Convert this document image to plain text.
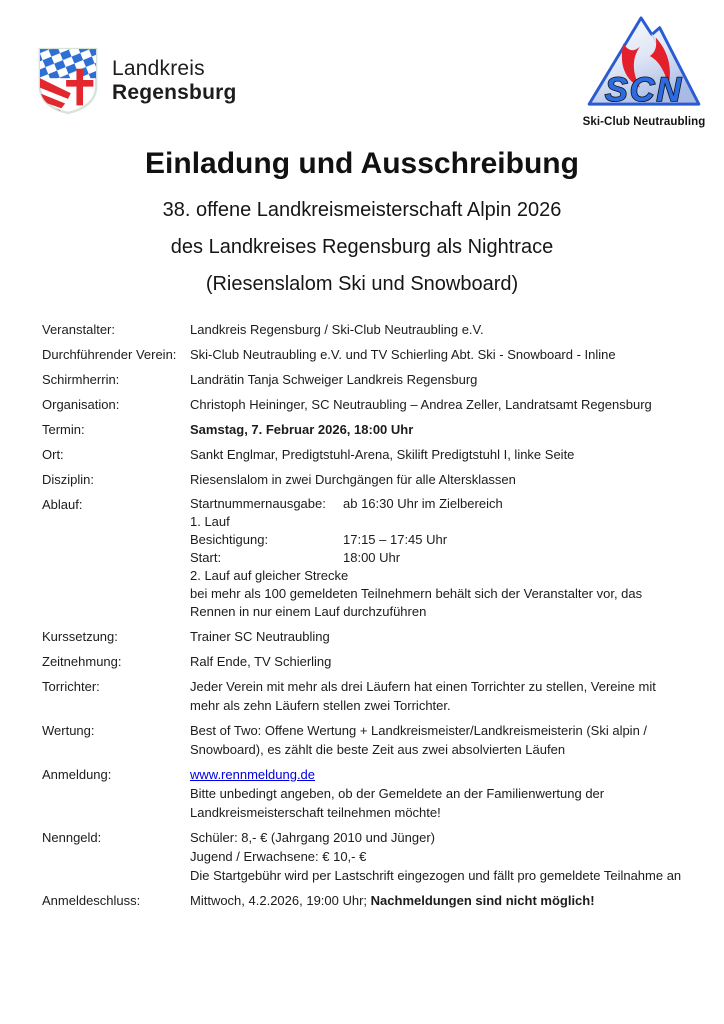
Landkreis
Regensburg	SCN
Ski-Club Neutraubling
Einladung und Ausschreibung

38. offene Landkreismeisterschaft Alpin 2026

des Landkreises Regensburg als Nightrace

(Riesenslalom Ski und Snowboard)

Veranstalter:	Landkreis Regensburg / Ski-Club Neutraubling e.V.
Durchführender Verein:	Ski-Club Neutraubling e.V. und TV Schierling Abt. Ski - Snowboard - Inline
Schirmherrin:	Landrätin Tanja Schweiger Landkreis Regensburg
Organisation:	Christoph Heininger, SC Neutraubling – Andrea Zeller, Landratsamt Regensburg
Termin:	Samstag, 7. Februar 2026, 18:00 Uhr
Ort:	Sankt Englmar, Predigtstuhl-Arena, Skilift Predigtstuhl I, linke Seite
Disziplin:	Riesenslalom in zwei Durchgängen für alle Altersklassen
Ablauf:	Startnummernausgabe: ab 16:30 Uhr im Zielbereich
1. Lauf
Besichtigung:	17:15 – 17:45 Uhr
Start:	18:00 Uhr
2. Lauf auf gleicher Strecke
bei mehr als 100 gemeldeten Teilnehmern behält sich der Veranstalter vor, das Rennen in nur einem Lauf durchzuführen
Kurssetzung:	Trainer SC Neutraubling
Zeitnehmung:	Ralf Ende, TV Schierling
Torrichter:	Jeder Verein mit mehr als drei Läufern hat einen Torrichter zu stellen, Vereine mit mehr als zehn Läufern stellen zwei Torrichter.
Wertung:	Best of Two: Offene Wertung + Landkreismeister/Landkreismeisterin (Ski alpin / Snowboard), es zählt die beste Zeit aus zwei absolvierten Läufen
Anmeldung:	www.rennmeldung.de
Bitte unbedingt angeben, ob der Gemeldete an der Familienwertung der Landkreismeisterschaft teilnehmen möchte!
Nenngeld:	Schüler: 8,- € (Jahrgang 2010 und Jünger)
Jugend / Erwachsene: € 10,- €
Die Startgebühr wird per Lastschrift eingezogen und fällt pro gemeldete Teilnahme an
Anmeldeschluss:	Mittwoch, 4.2.2026, 19:00 Uhr; Nachmeldungen sind nicht möglich!
